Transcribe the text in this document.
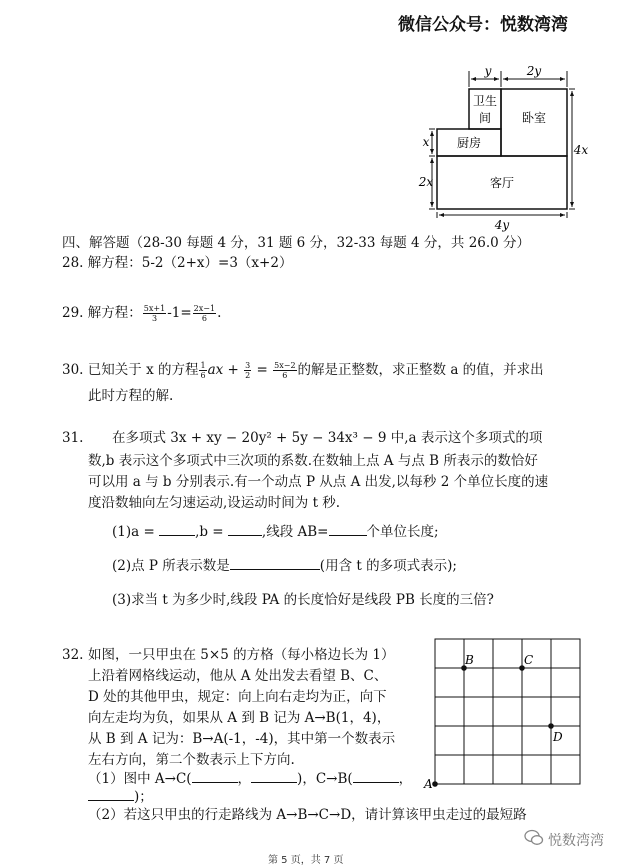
微信公众号：悦数湾湾
卫生
间	卧室
厨房
客厅
y	2y
x
2x
4x
4y
四、解答题（28-30 每题 4 分，31 题 6 分，32-33 每题 4 分，共 26.0 分）
28. 解方程：5-2（2+x）=3（x+2）
29. 解方程： $\frac{5x+1}{3} -1= \frac{2x-1}{6}$ .
30. 已知关于 x 的方程 $\frac{1}{6}$ ax + $\frac{3}{2} = \frac{5x-2}{6}$ 的解是正整数，求正整数 a 的值，并求出
此时方程的解.
31. 在多项式 3x + xy − 20y² + 5y − 34x³ − 9 中,a 表示这个多项式的项
数,b 表示这个多项式中三次项的系数.在数轴上点 A 与点 B 所表示的数恰好
可以用 a 与 b 分别表示.有一个动点 P 从点 A 出发,以每秒 2 个单位长度的速
度沿数轴向左匀速运动,设运动时间为 t 秒.
(1)a =	,b =	,线段 AB=	个单位长度;
(2)点 P 所表示数是	(用含 t 的多项式表示);
(3)求当 t 为多少时,线段 PA 的长度恰好是线段 PB 长度的三倍?
32. 如图，一只甲虫在 5×5 的方格（每小格边长为 1）
上沿着网格线运动，他从 A 处出发去看望 B、C、
D 处的其他甲虫，规定：向上向右走均为正，向下
向左走均为负，如果从 A 到 B 记为 A→B(1，4)，
从 B 到 A 记为：B→A(-1，-4)，其中第一个数表示
左右方向，第二个数表示上下方向.
（1）图中 A→C(	，	)，C→B(	，
)；
（2）若这只甲虫的行走路线为 A→B→C→D，请计算该甲虫走过的最短路
A
B	C
D
悦数湾湾
第 5 页，共 7 页
